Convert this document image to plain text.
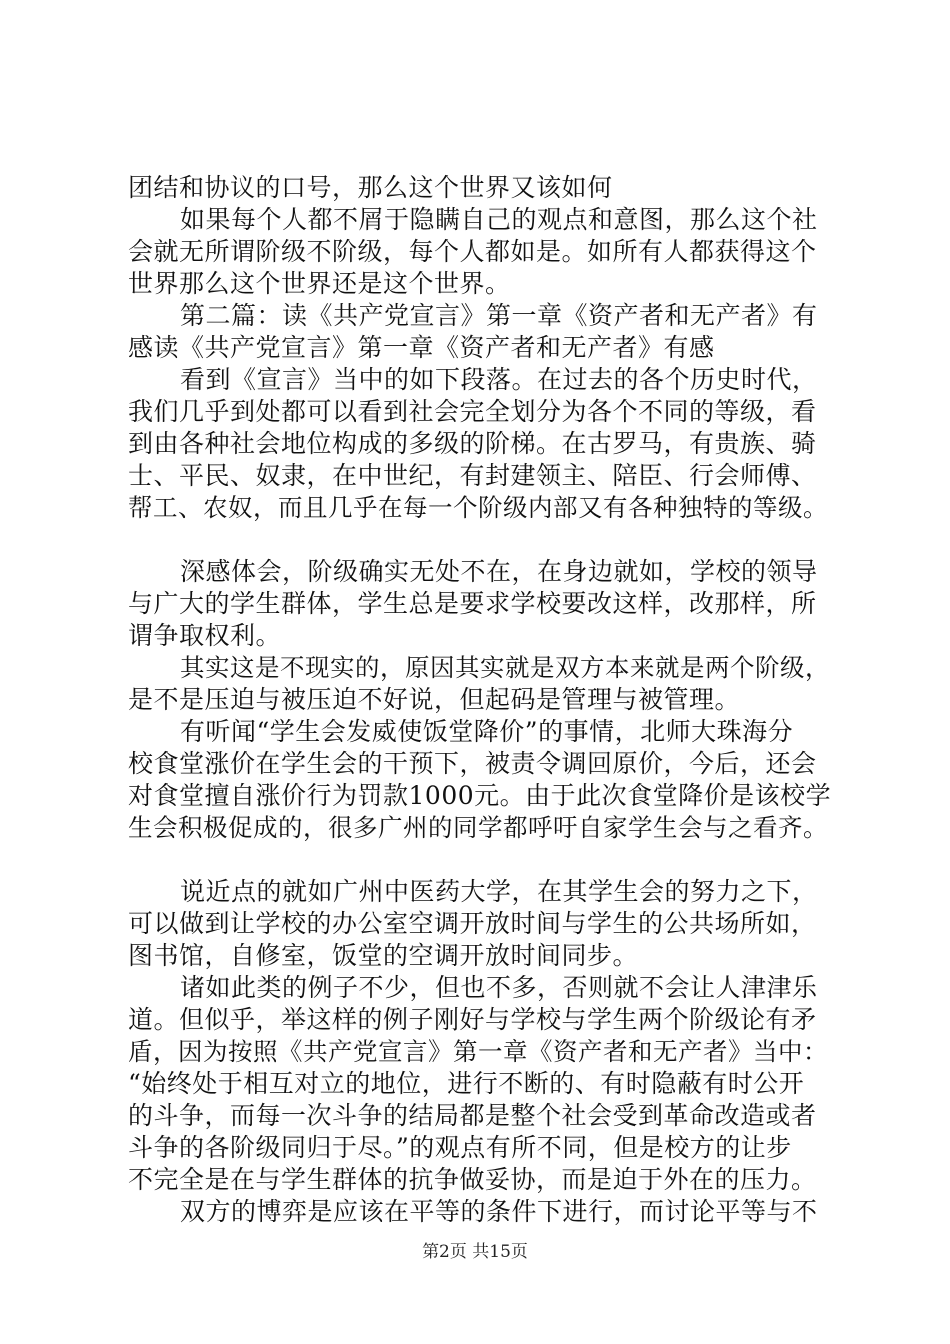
团结和协议的口号，那么这个世界又该如何
如果每个人都不屑于隐瞒自己的观点和意图，那么这个社
会就无所谓阶级不阶级，每个人都如是。如所有人都获得这个
世界那么这个世界还是这个世界。
第二篇：读《共产党宣言》第一章《资产者和无产者》有
感读《共产党宣言》第一章《资产者和无产者》有感
看到《宣言》当中的如下段落。在过去的各个历史时代，
我们几乎到处都可以看到社会完全划分为各个不同的等级，看
到由各种社会地位构成的多级的阶梯。在古罗马，有贵族、骑
士、平民、奴隶，在中世纪，有封建领主、陪臣、行会师傅、
帮工、农奴，而且几乎在每一个阶级内部又有各种独特的等级。
深感体会，阶级确实无处不在，在身边就如，学校的领导
与广大的学生群体，学生总是要求学校要改这样，改那样，所
谓争取权利。
其实这是不现实的，原因其实就是双方本来就是两个阶级，
是不是压迫与被压迫不好说，但起码是管理与被管理。
有听闻“学生会发威使饭堂降价”的事情，北师大珠海分
校食堂涨价在学生会的干预下，被责令调回原价，今后，还会
对食堂擅自涨价行为罚款1000元。由于此次食堂降价是该校学
生会积极促成的，很多广州的同学都呼吁自家学生会与之看齐。
说近点的就如广州中医药大学，在其学生会的努力之下，
可以做到让学校的办公室空调开放时间与学生的公共场所如，
图书馆，自修室，饭堂的空调开放时间同步。
诸如此类的例子不少，但也不多，否则就不会让人津津乐
道。但似乎，举这样的例子刚好与学校与学生两个阶级论有矛
盾，因为按照《共产党宣言》第一章《资产者和无产者》当中：
“始终处于相互对立的地位，进行不断的、有时隐蔽有时公开
的斗争，而每一次斗争的结局都是整个社会受到革命改造或者
斗争的各阶级同归于尽。”的观点有所不同，但是校方的让步
不完全是在与学生群体的抗争做妥协，而是迫于外在的压力。
双方的博弈是应该在平等的条件下进行，而讨论平等与不
第2页 共15页
